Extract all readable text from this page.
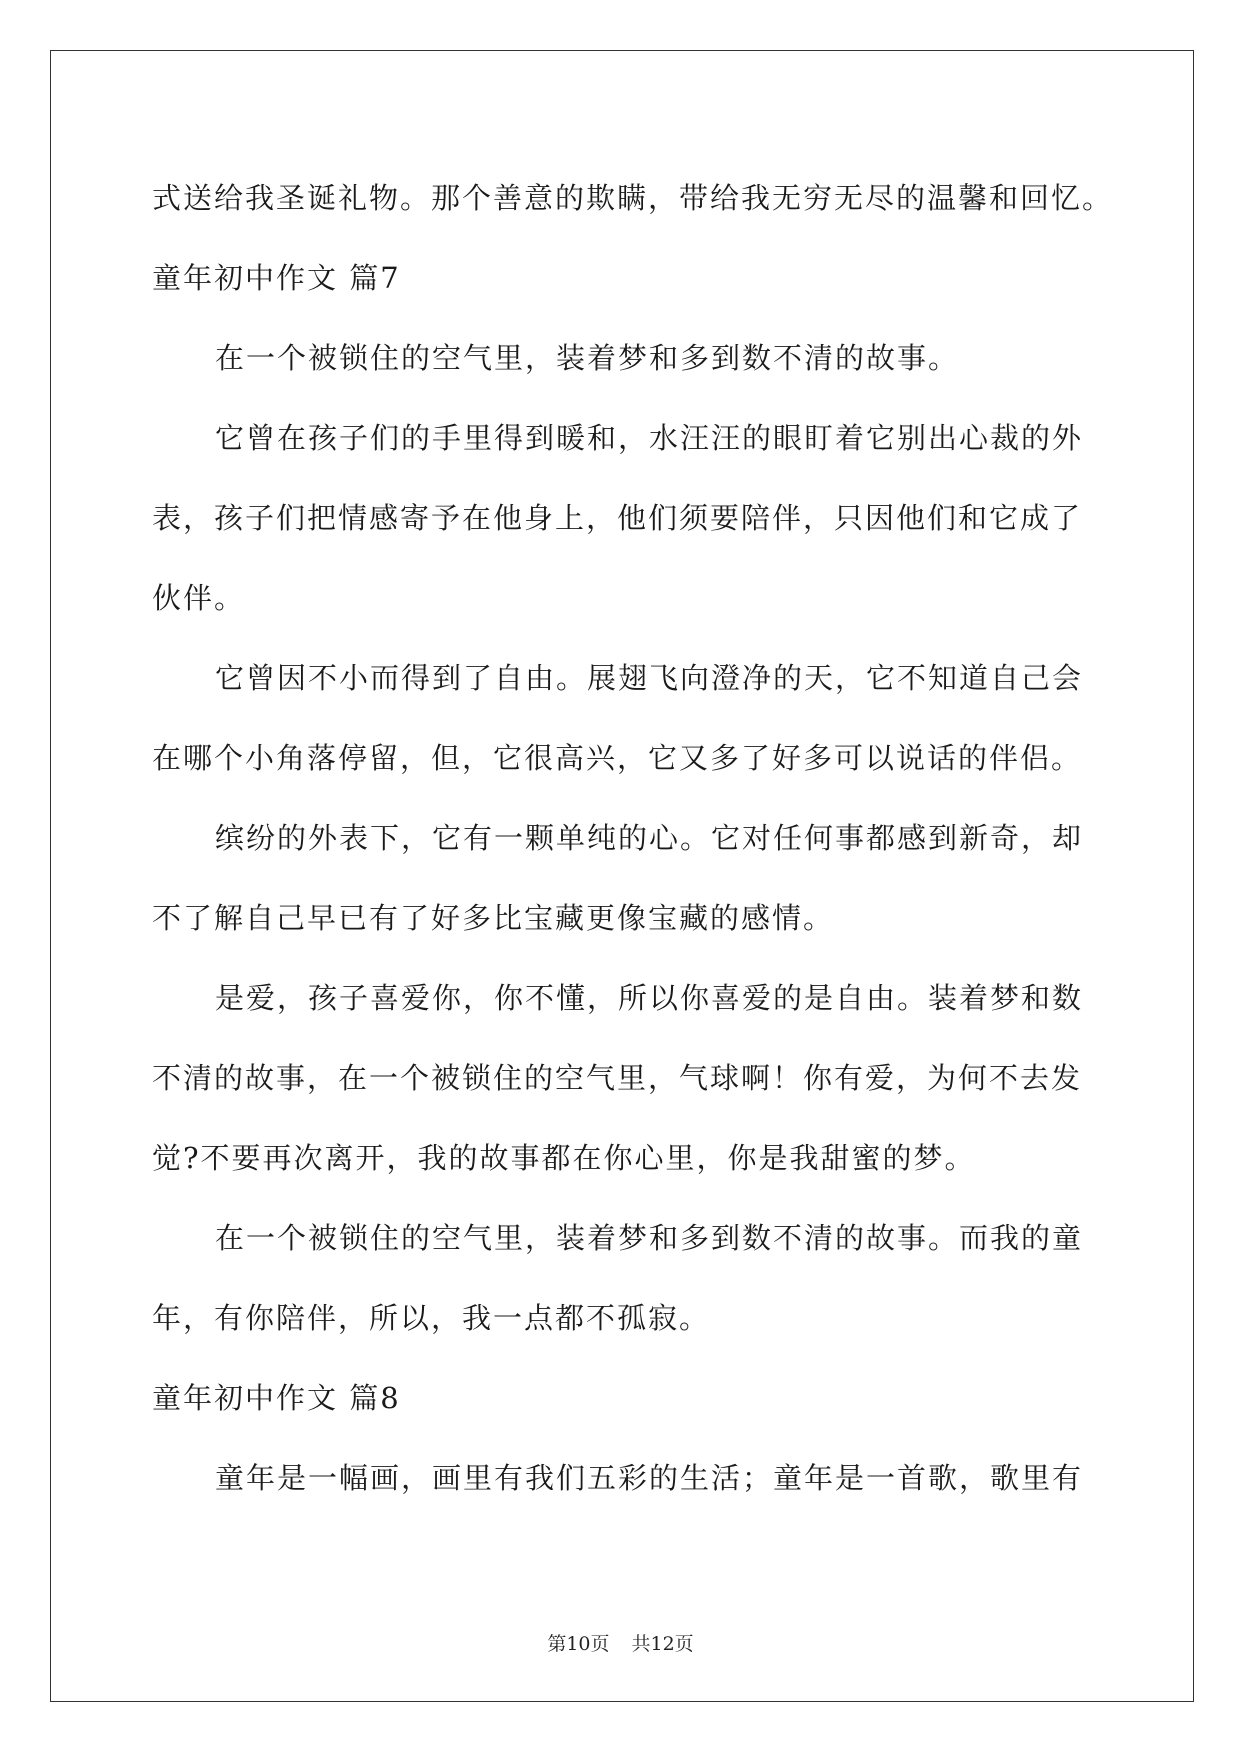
式送给我圣诞礼物。那个善意的欺瞒，带给我无穷无尽的温馨和回忆。
童年初中作文 篇7
在一个被锁住的空气里，装着梦和多到数不清的故事。
它曾在孩子们的手里得到暖和，水汪汪的眼盯着它别出心裁的外
表，孩子们把情感寄予在他身上，他们须要陪伴，只因他们和它成了
伙伴。
它曾因不小而得到了自由。展翅飞向澄净的天，它不知道自己会
在哪个小角落停留，但，它很高兴，它又多了好多可以说话的伴侣。
缤纷的外表下，它有一颗单纯的心。它对任何事都感到新奇，却
不了解自己早已有了好多比宝藏更像宝藏的感情。
是爱，孩子喜爱你，你不懂，所以你喜爱的是自由。装着梦和数
不清的故事，在一个被锁住的空气里，气球啊！你有爱，为何不去发
觉?不要再次离开，我的故事都在你心里，你是我甜蜜的梦。
在一个被锁住的空气里，装着梦和多到数不清的故事。而我的童
年，有你陪伴，所以，我一点都不孤寂。
童年初中作文 篇8
童年是一幅画，画里有我们五彩的生活；童年是一首歌，歌里有
第10页 共12页
